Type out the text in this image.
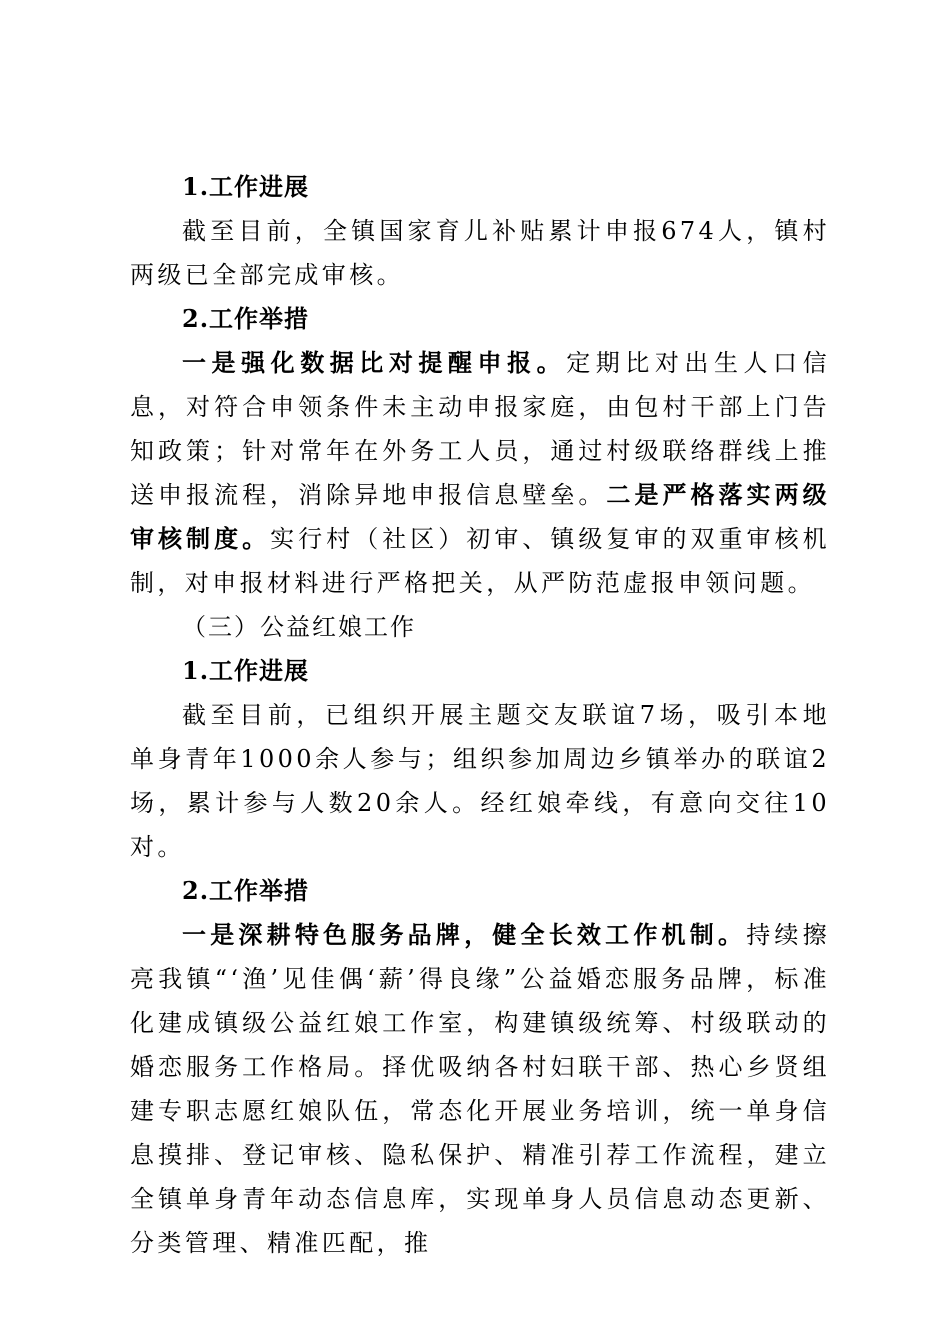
1.工作进展

截至目前，全镇国家育儿补贴累计申报674人，镇村两级已全部完成审核。

2.工作举措

一是强化数据比对提醒申报。定期比对出生人口信息，对符合申领条件未主动申报家庭，由包村干部上门告知政策；针对常年在外务工人员，通过村级联络群线上推送申报流程，消除异地申报信息壁垒。二是严格落实两级审核制度。实行村（社区）初审、镇级复审的双重审核机制，对申报材料进行严格把关，从严防范虚报申领问题。

（三）公益红娘工作

1.工作进展

截至目前，已组织开展主题交友联谊7场，吸引本地单身青年1000余人参与；组织参加周边乡镇举办的联谊2场，累计参与人数20余人。经红娘牵线，有意向交往10对。

2.工作举措

一是深耕特色服务品牌，健全长效工作机制。持续擦亮我镇“‘渔’见佳偶‘薪’得良缘”公益婚恋服务品牌，标准化建成镇级公益红娘工作室，构建镇级统筹、村级联动的婚恋服务工作格局。择优吸纳各村妇联干部、热心乡贤组建专职志愿红娘队伍，常态化开展业务培训，统一单身信息摸排、登记审核、隐私保护、精准引荐工作流程，建立全镇单身青年动态信息库，实现单身人员信息动态更新、分类管理、精准匹配，推
